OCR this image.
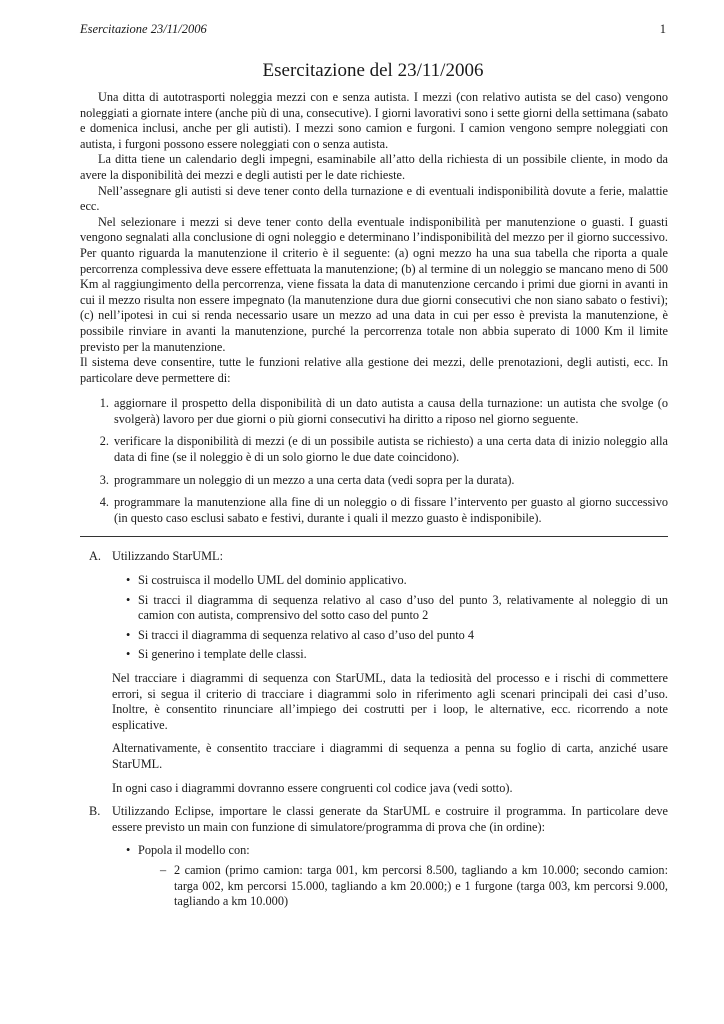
Esercitazione 23/11/2006	1
Esercitazione del 23/11/2006

Una ditta di autotrasporti noleggia mezzi con e senza autista. I mezzi (con relativo autista se del caso) vengono noleggiati a giornate intere (anche più di una, consecutive). I giorni lavorativi sono i sette giorni della settimana (sabato e domenica inclusi, anche per gli autisti). I mezzi sono camion e furgoni. I camion vengono sempre noleggiati con autista, i furgoni possono essere noleggiati con o senza autista.

La ditta tiene un calendario degli impegni, esaminabile all’atto della richiesta di un possibile cliente, in modo da avere la disponibilità dei mezzi e degli autisti per le date richieste.

Nell’assegnare gli autisti si deve tener conto della turnazione e di eventuali indisponibilità dovute a ferie, malattie ecc.

Nel selezionare i mezzi si deve tener conto della eventuale indisponibilità per manutenzione o guasti. I guasti vengono segnalati alla conclusione di ogni noleggio e determinano l’indisponibilità del mezzo per il giorno successivo. Per quanto riguarda la manutenzione il criterio è il seguente: (a) ogni mezzo ha una sua tabella che riporta a quale percorrenza complessiva deve essere effettuata la manutenzione; (b) al termine di un noleggio se mancano meno di 500 Km al raggiungimento della percorrenza, viene fissata la data di manutenzione cercando i primi due giorni in avanti in cui il mezzo risulta non essere impegnato (la manutenzione dura due giorni consecutivi che non siano sabato o festivi); (c) nell’ipotesi in cui si renda necessario usare un mezzo ad una data in cui per esso è prevista la manutenzione, è possibile rinviare in avanti la manutenzione, purché la percorrenza totale non abbia superato di 1000 Km il limite previsto per la manutenzione.

Il sistema deve consentire, tutte le funzioni relative alla gestione dei mezzi, delle prenotazioni, degli autisti, ecc. In particolare deve permettere di:

1. aggiornare il prospetto della disponibilità di un dato autista a causa della turnazione: un autista che svolge (o svolgerà) lavoro per due giorni o più giorni consecutivi ha diritto a riposo nel giorno seguente.
2. verificare la disponibilità di mezzi (e di un possibile autista se richiesto) a una certa data di inizio noleggio alla data di fine (se il noleggio è di un solo giorno le due date coincidono).
3. programmare un noleggio di un mezzo a una certa data (vedi sopra per la durata).
4. programmare la manutenzione alla fine di un noleggio o di fissare l’intervento per guasto al giorno successivo (in questo caso esclusi sabato e festivi, durante i quali il mezzo guasto è indisponibile).
A. Utilizzando StarUML:
• Si costruisca il modello UML del dominio applicativo.
• Si tracci il diagramma di sequenza relativo al caso d’uso del punto 3, relativamente al noleggio di un camion con autista, comprensivo del sotto caso del punto 2
• Si tracci il diagramma di sequenza relativo al caso d’uso del punto 4
• Si generino i template delle classi.

Nel tracciare i diagrammi di sequenza con StarUML, data la tediosità del processo e i rischi di commettere errori, si segua il criterio di tracciare i diagrammi solo in riferimento agli scenari principali dei casi d’uso. Inoltre, è consentito rinunciare all’impiego dei costrutti per i loop, le alternative, ecc. ricorrendo a note esplicative.

Alternativamente, è consentito tracciare i diagrammi di sequenza a penna su foglio di carta, anziché usare StarUML.

In ogni caso i diagrammi dovranno essere congruenti col codice java (vedi sotto).

B. Utilizzando Eclipse, importare le classi generate da StarUML e costruire il programma. In particolare deve essere previsto un main con funzione di simulatore/programma di prova che (in ordine):
• Popola il modello con:
– 2 camion (primo camion: targa 001, km percorsi 8.500, tagliando a km 10.000; secondo camion: targa 002, km percorsi 15.000, tagliando a km 20.000;) e 1 furgone (targa 003, km percorsi 9.000, tagliando a km 10.000)
